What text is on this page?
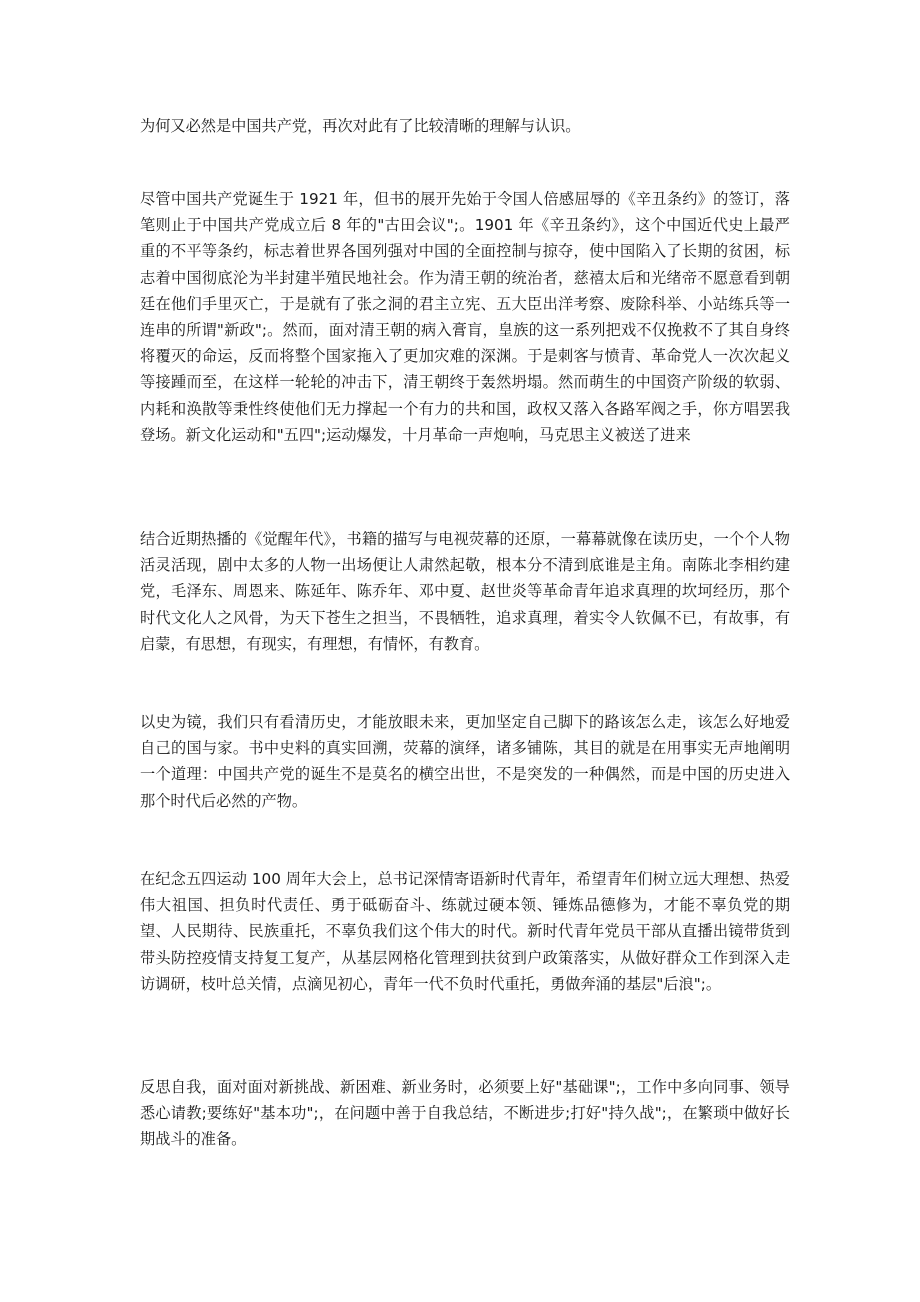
为何又必然是中国共产党，再次对此有了比较清晰的理解与认识。

尽管中国共产党诞生于 1921 年，但书的展开先始于令国人倍感屈辱的《辛丑条约》的签订，落笔则止于中国共产党成立后 8 年的"古田会议";。1901 年《辛丑条约》，这个中国近代史上最严重的不平等条约，标志着世界各国列强对中国的全面控制与掠夺，使中国陷入了长期的贫困，标志着中国彻底沦为半封建半殖民地社会。作为清王朝的统治者，慈禧太后和光绪帝不愿意看到朝廷在他们手里灭亡，于是就有了张之洞的君主立宪、五大臣出洋考察、废除科举、小站练兵等一连串的所谓"新政";。然而，面对清王朝的病入膏肓，皇族的这一系列把戏不仅挽救不了其自身终将覆灭的命运，反而将整个国家拖入了更加灾难的深渊。于是刺客与愤青、革命党人一次次起义等接踵而至，在这样一轮轮的冲击下，清王朝终于轰然坍塌。然而萌生的中国资产阶级的软弱、内耗和涣散等秉性终使他们无力撑起一个有力的共和国，政权又落入各路军阀之手，你方唱罢我登场。新文化运动和"五四";运动爆发，十月革命一声炮响，马克思主义被送了进来

结合近期热播的《觉醒年代》，书籍的描写与电视荧幕的还原，一幕幕就像在读历史，一个个人物活灵活现，剧中太多的人物一出场便让人肃然起敬，根本分不清到底谁是主角。南陈北李相约建党，毛泽东、周恩来、陈延年、陈乔年、邓中夏、赵世炎等革命青年追求真理的坎坷经历，那个时代文化人之风骨，为天下苍生之担当，不畏牺牲，追求真理，着实令人钦佩不已，有故事，有启蒙，有思想，有现实，有理想，有情怀，有教育。

以史为镜，我们只有看清历史，才能放眼未来，更加坚定自己脚下的路该怎么走，该怎么好地爱自己的国与家。书中史料的真实回溯，荧幕的演绎，诸多铺陈，其目的就是在用事实无声地阐明一个道理：中国共产党的诞生不是莫名的横空出世，不是突发的一种偶然，而是中国的历史进入那个时代后必然的产物。

在纪念五四运动 100 周年大会上，总书记深情寄语新时代青年，希望青年们树立远大理想、热爱伟大祖国、担负时代责任、勇于砥砺奋斗、练就过硬本领、锤炼品德修为，才能不辜负党的期望、人民期待、民族重托，不辜负我们这个伟大的时代。新时代青年党员干部从直播出镜带货到带头防控疫情支持复工复产，从基层网格化管理到扶贫到户政策落实，从做好群众工作到深入走访调研，枝叶总关情，点滴见初心，青年一代不负时代重托，勇做奔涌的基层"后浪";。

反思自我，面对面对新挑战、新困难、新业务时，必须要上好"基础课";，工作中多向同事、领导悉心请教;要练好"基本功";，在问题中善于自我总结，不断进步;打好"持久战";，在繁琐中做好长期战斗的准备。
